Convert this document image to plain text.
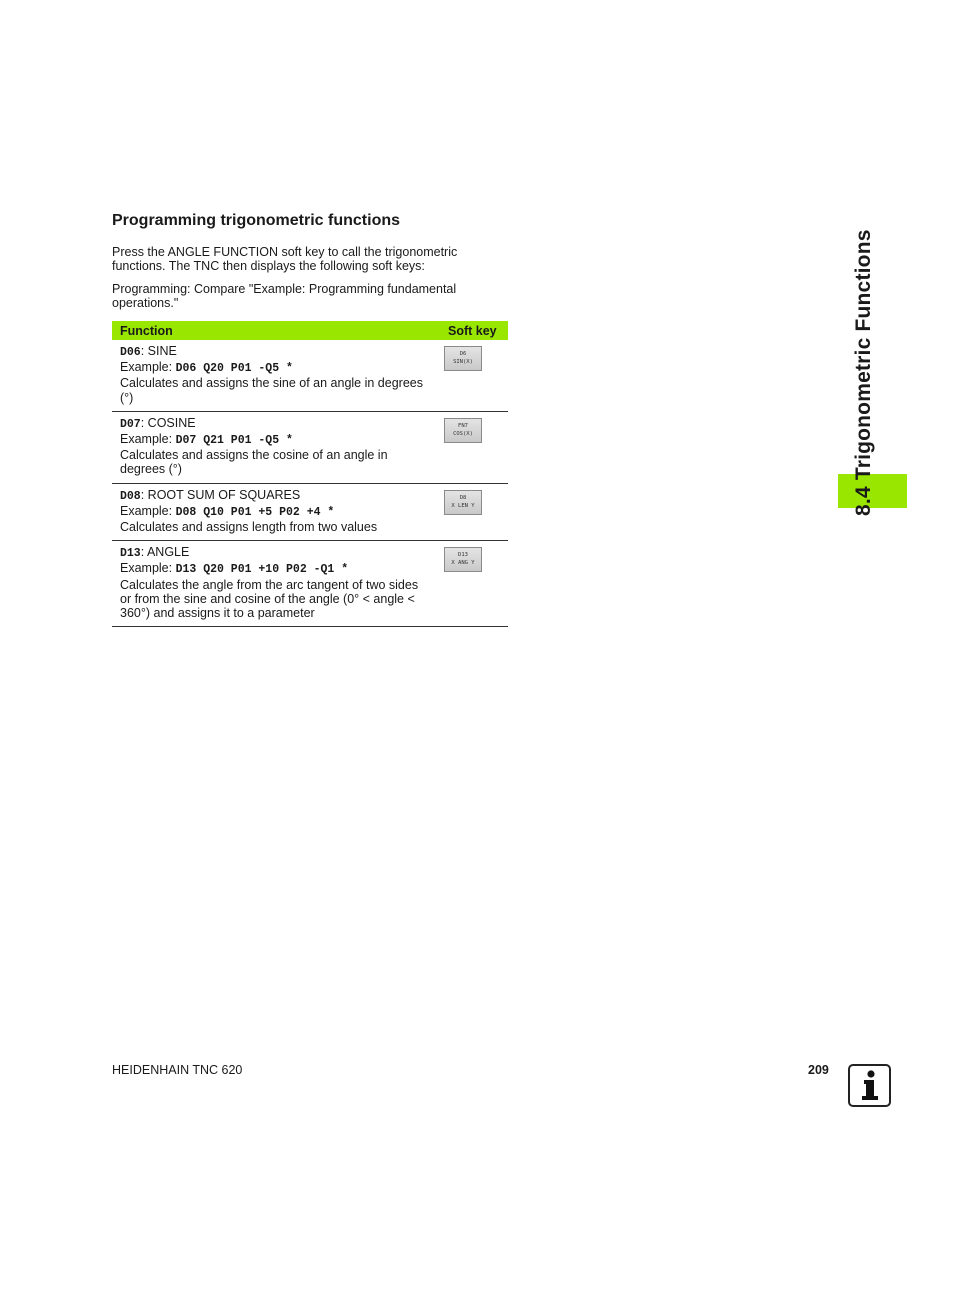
Programming trigonometric functions

Press the ANGLE FUNCTION soft key to call the trigonometric functions. The TNC then displays the following soft keys:

Programming: Compare "Example: Programming fundamental operations."

Function	Soft key
D06: SINE
Example: D06 Q20 P01 -Q5 *
Calculates and assigns the sine of an angle in degrees (°)	D6
SIN(X)

D07: COSINE
Example: D07 Q21 P01 -Q5 *
Calculates and assigns the cosine of an angle in degrees (°)	FN7
COS(X)

D08: ROOT SUM OF SQUARES
Example: D08 Q10 P01 +5 P02 +4 *
Calculates and assigns length from two values	D8
X LEN Y

D13: ANGLE
Example: D13 Q20 P01 +10 P02 -Q1 *
Calculates the angle from the arc tangent of two sides or from the sine and cosine of the angle (0° < angle < 360°) and assigns it to a parameter	D13
X ANG Y
8.4 Trigonometric Functions
HEIDENHAIN TNC 620	209
